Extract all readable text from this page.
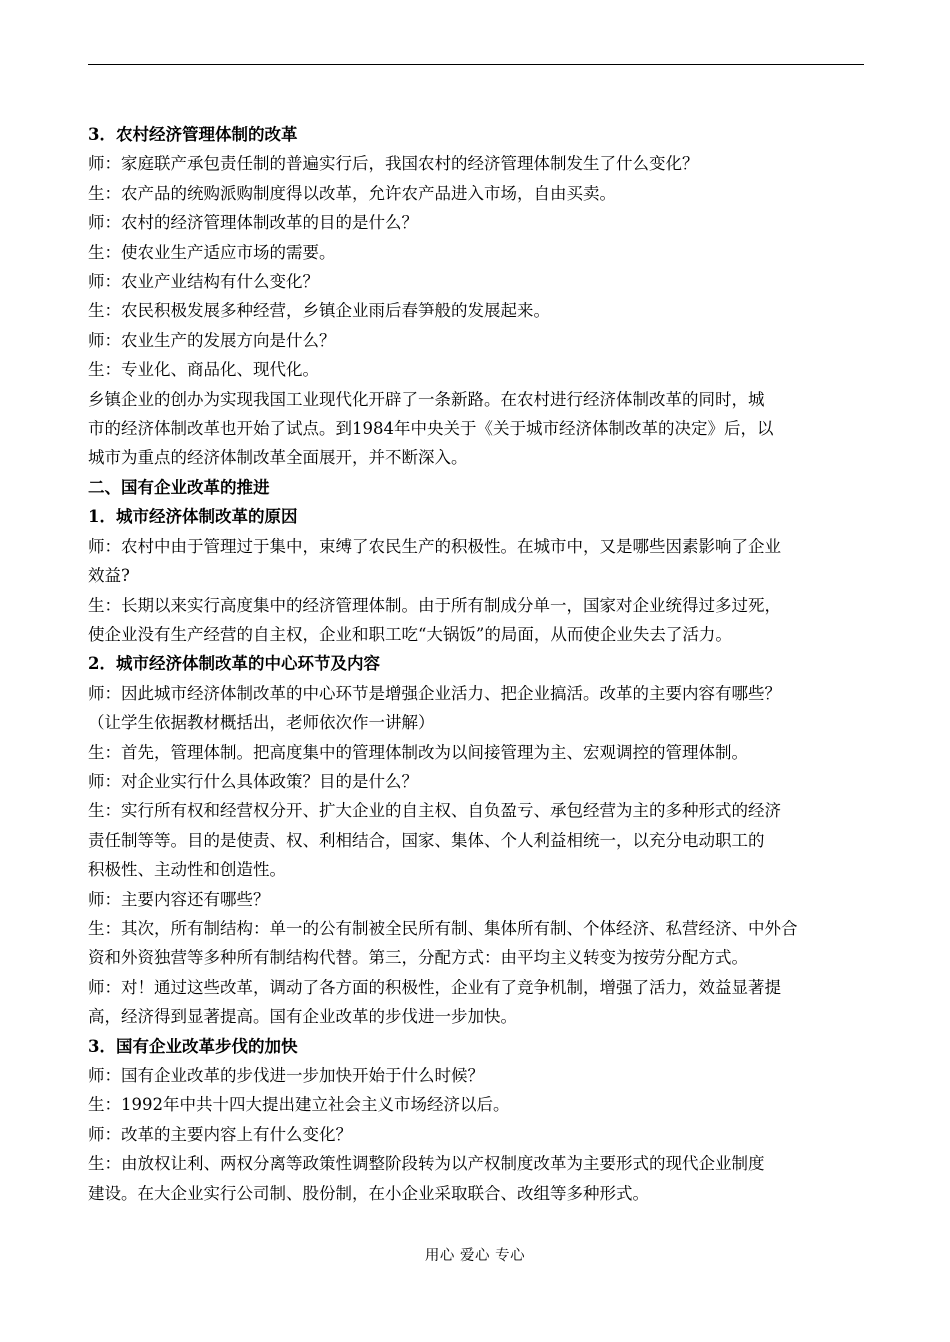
3．农村经济管理体制的改革
师：家庭联产承包责任制的普遍实行后，我国农村的经济管理体制发生了什么变化？
生：农产品的统购派购制度得以改革，允许农产品进入市场，自由买卖。
师：农村的经济管理体制改革的目的是什么？
生：使农业生产适应市场的需要。
师：农业产业结构有什么变化？
生：农民积极发展多种经营，乡镇企业雨后春笋般的发展起来。
师：农业生产的发展方向是什么？
生：专业化、商品化、现代化。
乡镇企业的创办为实现我国工业现代化开辟了一条新路。在农村进行经济体制改革的同时，城
市的经济体制改革也开始了试点。到1984年中央关于《关于城市经济体制改革的决定》后，以
城市为重点的经济体制改革全面展开，并不断深入。
二、国有企业改革的推进
1．城市经济体制改革的原因
师：农村中由于管理过于集中，束缚了农民生产的积极性。在城市中，又是哪些因素影响了企业
效益?
生：长期以来实行高度集中的经济管理体制。由于所有制成分单一，国家对企业统得过多过死，
使企业没有生产经营的自主权，企业和职工吃“大锅饭”的局面，从而使企业失去了活力。
2．城市经济体制改革的中心环节及内容
师：因此城市经济体制改革的中心环节是增强企业活力、把企业搞活。改革的主要内容有哪些？
（让学生依据教材概括出，老师依次作一讲解）
生：首先，管理体制。把高度集中的管理体制改为以间接管理为主、宏观调控的管理体制。
师：对企业实行什么具体政策？目的是什么？
生：实行所有权和经营权分开、扩大企业的自主权、自负盈亏、承包经营为主的多种形式的经济
责任制等等。目的是使责、权、利相结合，国家、集体、个人利益相统一，以充分电动职工的
积极性、主动性和创造性。
师：主要内容还有哪些？
生：其次，所有制结构：单一的公有制被全民所有制、集体所有制、个体经济、私营经济、中外合
资和外资独营等多种所有制结构代替。第三，分配方式：由平均主义转变为按劳分配方式。
师：对！通过这些改革，调动了各方面的积极性，企业有了竞争机制，增强了活力，效益显著提
高，经济得到显著提高。国有企业改革的步伐进一步加快。
3．国有企业改革步伐的加快
师：国有企业改革的步伐进一步加快开始于什么时候？
生：1992年中共十四大提出建立社会主义市场经济以后。
师：改革的主要内容上有什么变化？
生：由放权让利、两权分离等政策性调整阶段转为以产权制度改革为主要形式的现代企业制度
建设。在大企业实行公司制、股份制，在小企业采取联合、改组等多种形式。
用心 爱心 专心
